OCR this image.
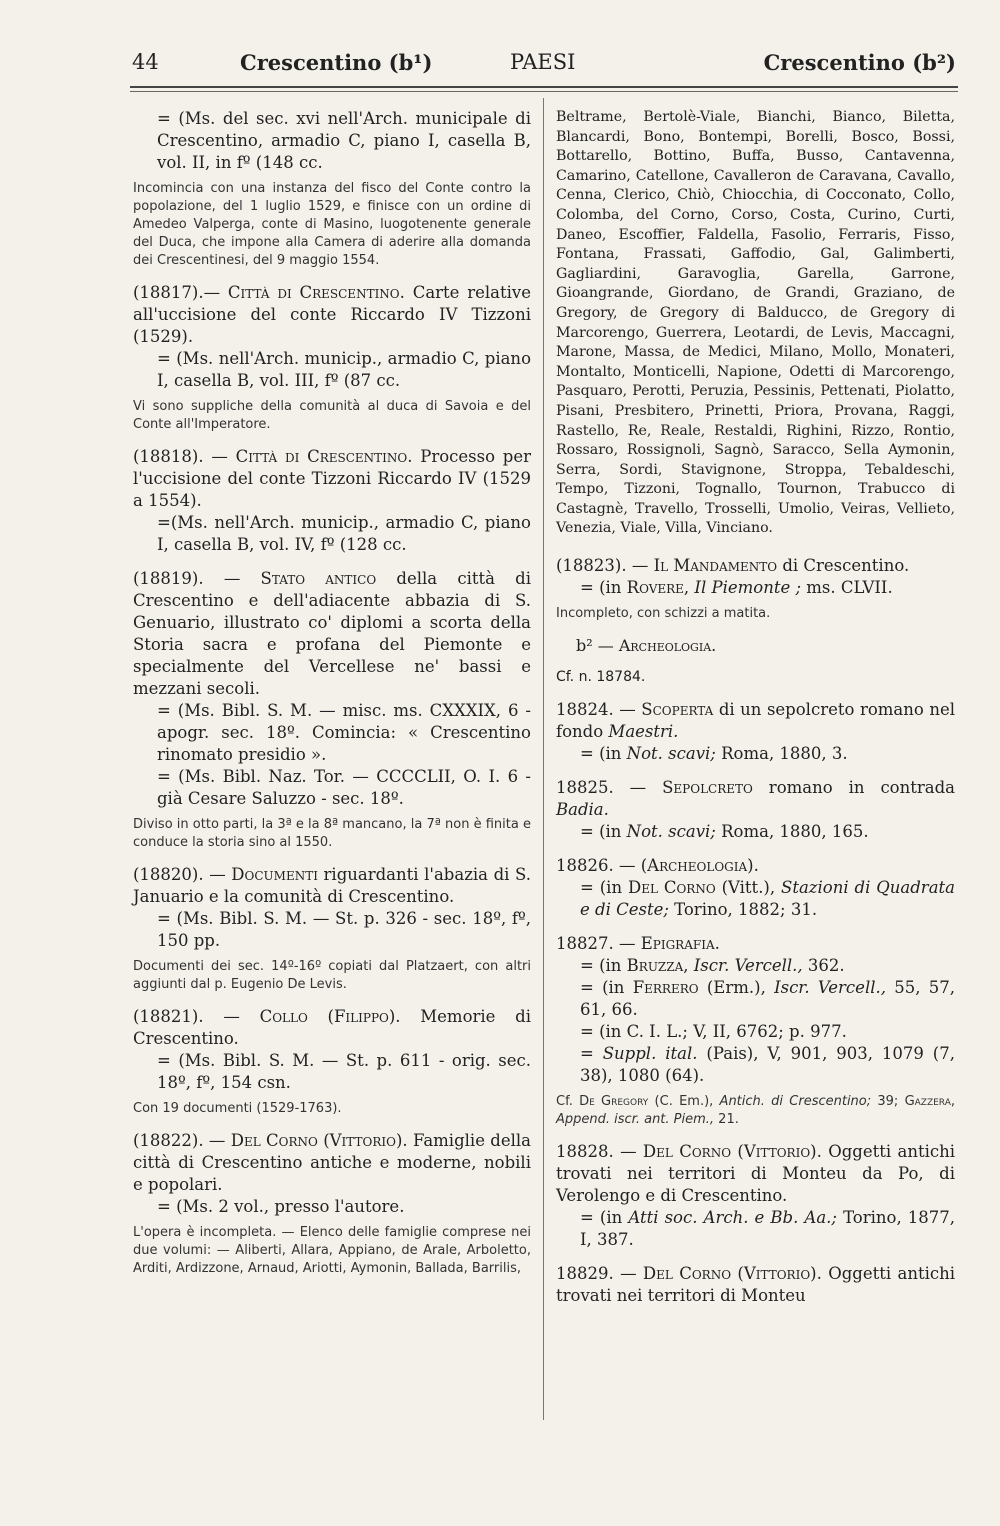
44	Crescentino (b¹)	PAESI	Crescentino (b²)

= (Ms. del sec. xvi nell'Arch. municipale di Crescentino, armadio C, piano I, casella B, vol. II, in fº (148 cc.

Incomincia con una instanza del fisco del Conte contro la popolazione, del 1 luglio 1529, e finisce con un ordine di Amedeo Valperga, conte di Masino, luogotenente generale del Duca, che impone alla Camera di aderire alla domanda dei Crescentinesi, del 9 maggio 1554.

(18817).— Città di Crescentino. Carte relative all'uccisione del conte Riccardo IV Tizzoni (1529).

= (Ms. nell'Arch. municip., armadio C, piano I, casella B, vol. III, fº (87 cc.

Vi sono suppliche della comunità al duca di Savoia e del Conte all'Imperatore.

(18818). — Città di Crescentino. Processo per l'uccisione del conte Tizzoni Riccardo IV (1529 a 1554).

=(Ms. nell'Arch. municip., armadio C, piano I, casella B, vol. IV, fº (128 cc.

(18819). — Stato antico della città di Crescentino e dell'adiacente abbazia di S. Genuario, illustrato co' diplomi a scorta della Storia sacra e profana del Piemonte e specialmente del Vercellese ne' bassi e mezzani secoli.

= (Ms. Bibl. S. M. — misc. ms. CXXXIX, 6 - apogr. sec. 18º. Comincia: « Crescentino rinomato presidio ».

= (Ms. Bibl. Naz. Tor. — CCCCLII, O. I. 6 - già Cesare Saluzzo - sec. 18º.

Diviso in otto parti, la 3ª e la 8ª mancano, la 7ª non è finita e conduce la storia sino al 1550.

(18820). — Documenti riguardanti l'abazia di S. Januario e la comunità di Crescentino.

= (Ms. Bibl. S. M. — St. p. 326 - sec. 18º, fº, 150 pp.

Documenti dei sec. 14º-16º copiati dal Platzaert, con altri aggiunti dal p. Eugenio De Levis.

(18821). — Collo (Filippo). Memorie di Crescentino.

= (Ms. Bibl. S. M. — St. p. 611 - orig. sec. 18º, fº, 154 csn.

Con 19 documenti (1529-1763).

(18822). — Del Corno (Vittorio). Famiglie della città di Crescentino antiche e moderne, nobili e popolari.

= (Ms. 2 vol., presso l'autore.

L'opera è incompleta. — Elenco delle famiglie comprese nei due volumi: — Aliberti, Allara, Appiano, de Arale, Arboletto, Arditi, Ardizzone, Arnaud, Ariotti, Aymonin, Ballada, Barrilis,

Beltrame, Bertolè-Viale, Bianchi, Bianco, Biletta, Blancardi, Bono, Bontempi, Borelli, Bosco, Bossi, Bottarello, Bottino, Buffa, Busso, Cantavenna, Camarino, Catellone, Cavalleron de Caravana, Cavallo, Cenna, Clerico, Chiò, Chiocchia, di Cocconato, Collo, Colomba, del Corno, Corso, Costa, Curino, Curti, Daneo, Escoffier, Faldella, Fasolio, Ferraris, Fisso, Fontana, Frassati, Gaffodio, Gal, Galimberti, Gagliardini, Garavoglia, Garella, Garrone, Gioangrande, Giordano, de Grandi, Graziano, de Gregory, de Gregory di Balducco, de Gregory di Marcorengo, Guerrera, Leotardi, de Levis, Maccagni, Marone, Massa, de Medici, Milano, Mollo, Monateri, Montalto, Monticelli, Napione, Odetti di Marcorengo, Pasquaro, Perotti, Peruzia, Pessinis, Pettenati, Piolatto, Pisani, Presbitero, Prinetti, Priora, Provana, Raggi, Rastello, Re, Reale, Restaldi, Righini, Rizzo, Rontio, Rossaro, Rossignoli, Sagnò, Saracco, Sella Aymonin, Serra, Sordi, Stavignone, Stroppa, Tebaldeschi, Tempo, Tizzoni, Tognallo, Tournon, Trabucco di Castagnè, Travello, Trosselli, Umolio, Veiras, Vellieto, Venezia, Viale, Villa, Vinciano.

(18823). — Il Mandamento di Crescentino.

= (in Rovere, Il Piemonte ; ms. CLVII.

Incompleto, con schizzi a matita.

b² — Archeologia.

Cf. n. 18784.

18824. — Scoperta di un sepolcreto romano nel fondo Maestri.

= (in Not. scavi; Roma, 1880, 3.

18825. — Sepolcreto romano in contrada Badia.

= (in Not. scavi; Roma, 1880, 165.

18826. — (Archeologia).

= (in Del Corno (Vitt.), Stazioni di Quadrata e di Ceste; Torino, 1882; 31.

18827. — Epigrafia.

= (in Bruzza, Iscr. Vercell., 362.

= (in Ferrero (Erm.), Iscr. Vercell., 55, 57, 61, 66.

= (in C. I. L.; V, II, 6762; p. 977.

= Suppl. ital. (Pais), V, 901, 903, 1079 (7, 38), 1080 (64).

Cf. De Gregory (C. Em.), Antich. di Crescentino; 39; Gazzera, Append. iscr. ant. Piem., 21.

18828. — Del Corno (Vittorio). Oggetti antichi trovati nei territori di Monteu da Po, di Verolengo e di Crescentino.

= (in Atti soc. Arch. e Bb. Aa.; Torino, 1877, I, 387.

18829. — Del Corno (Vittorio). Oggetti antichi trovati nei territori di Monteu
